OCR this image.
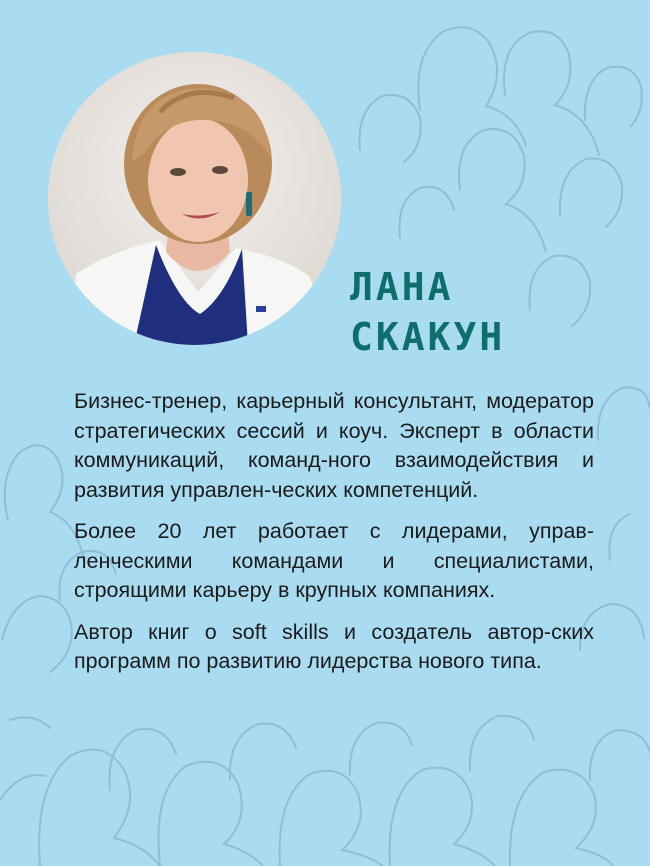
ЛАНА
СКАКУН

Бизнес-тренер, карьерный консультант, модератор стратегических сессий и коуч. Эксперт в области коммуникаций, команд-ного взаимодействия и развития управлен-ческих компетенций.

Более 20 лет работает с лидерами, управ-ленческими командами и специалистами, строящими карьеру в крупных компаниях.

Автор книг о soft skills и создатель автор-ских программ по развитию лидерства нового типа.
